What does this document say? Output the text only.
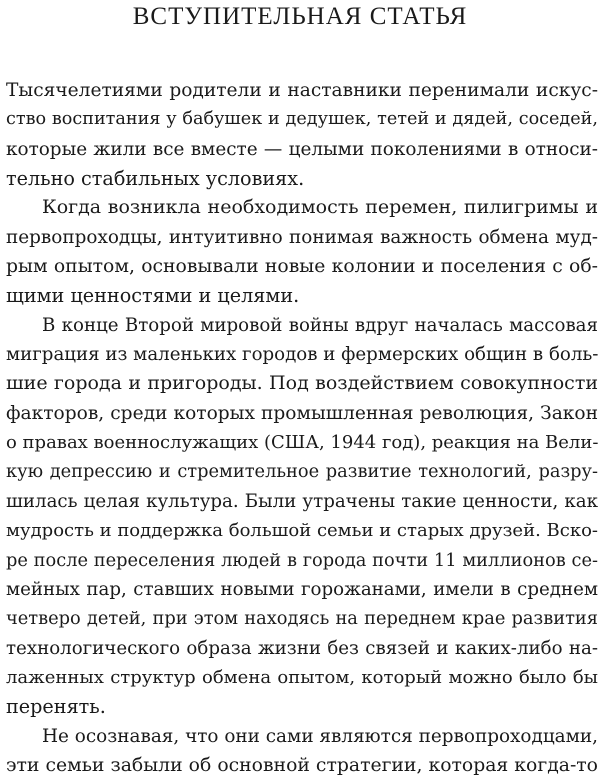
ВСТУПИТЕЛЬНАЯ СТАТЬЯ
Тысячелетиями родители и наставники перенимали искус-
ство воспитания у бабушек и дедушек, тетей и дядей, соседей,
которые жили все вместе — целыми поколениями в относи-
тельно стабильных условиях.
Когда возникла необходимость перемен, пилигримы и
первопроходцы, интуитивно понимая важность обмена муд-
рым опытом, основывали новые колонии и поселения с об-
щими ценностями и целями.
В конце Второй мировой войны вдруг началась массовая
миграция из маленьких городов и фермерских общин в боль-
шие города и пригороды. Под воздействием совокупности
факторов, среди которых промышленная революция, Закон
о правах военнослужащих (США, 1944 год), реакция на Вели-
кую депрессию и стремительное развитие технологий, разру-
шилась целая культура. Были утрачены такие ценности, как
мудрость и поддержка большой семьи и старых друзей. Вско-
ре после переселения людей в города почти 11 миллионов се-
мейных пар, ставших новыми горожанами, имели в среднем
четверо детей, при этом находясь на переднем крае развития
технологического образа жизни без связей и каких-либо на-
лаженных структур обмена опытом, который можно было бы
перенять.
Не осознавая, что они сами являются первопроходцами,
эти семьи забыли об основной стратегии, которая когда-то
